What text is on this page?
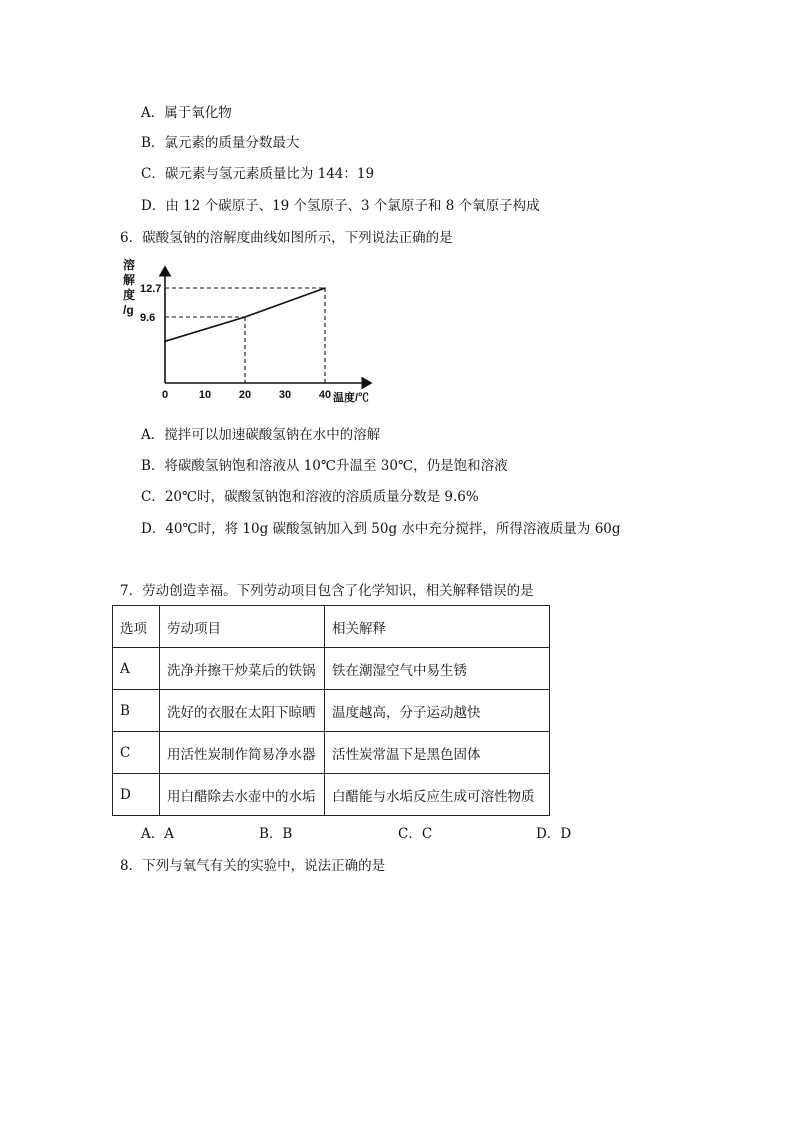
A．属于氧化物
B．氯元素的质量分数最大
C．碳元素与氢元素质量比为 144：19
D．由 12 个碳原子、19 个氢原子、3 个氯原子和 8 个氧原子构成
6．碳酸氢钠的溶解度曲线如图所示，下列说法正确的是
溶
解
度
/g
12.7
9.6
0	10	20	30	40 温度/℃
A．搅拌可以加速碳酸氢钠在水中的溶解
B．将碳酸氢钠饱和溶液从 10℃升温至 30℃，仍是饱和溶液
C．20℃时，碳酸氢钠饱和溶液的溶质质量分数是 9.6%
D．40℃时，将 10g 碳酸氢钠加入到 50g 水中充分搅拌，所得溶液质量为 60g
7．劳动创造幸福。下列劳动项目包含了化学知识，相关解释错误的是
选项	劳动项目	相关解释
A	洗净并擦干炒菜后的铁锅	铁在潮湿空气中易生锈
B	洗好的衣服在太阳下晾晒	温度越高，分子运动越快
C	用活性炭制作简易净水器	活性炭常温下是黑色固体
D	用白醋除去水壶中的水垢	白醋能与水垢反应生成可溶性物质
A．A	B．B	C．C	D．D
8．下列与氧气有关的实验中，说法正确的是
